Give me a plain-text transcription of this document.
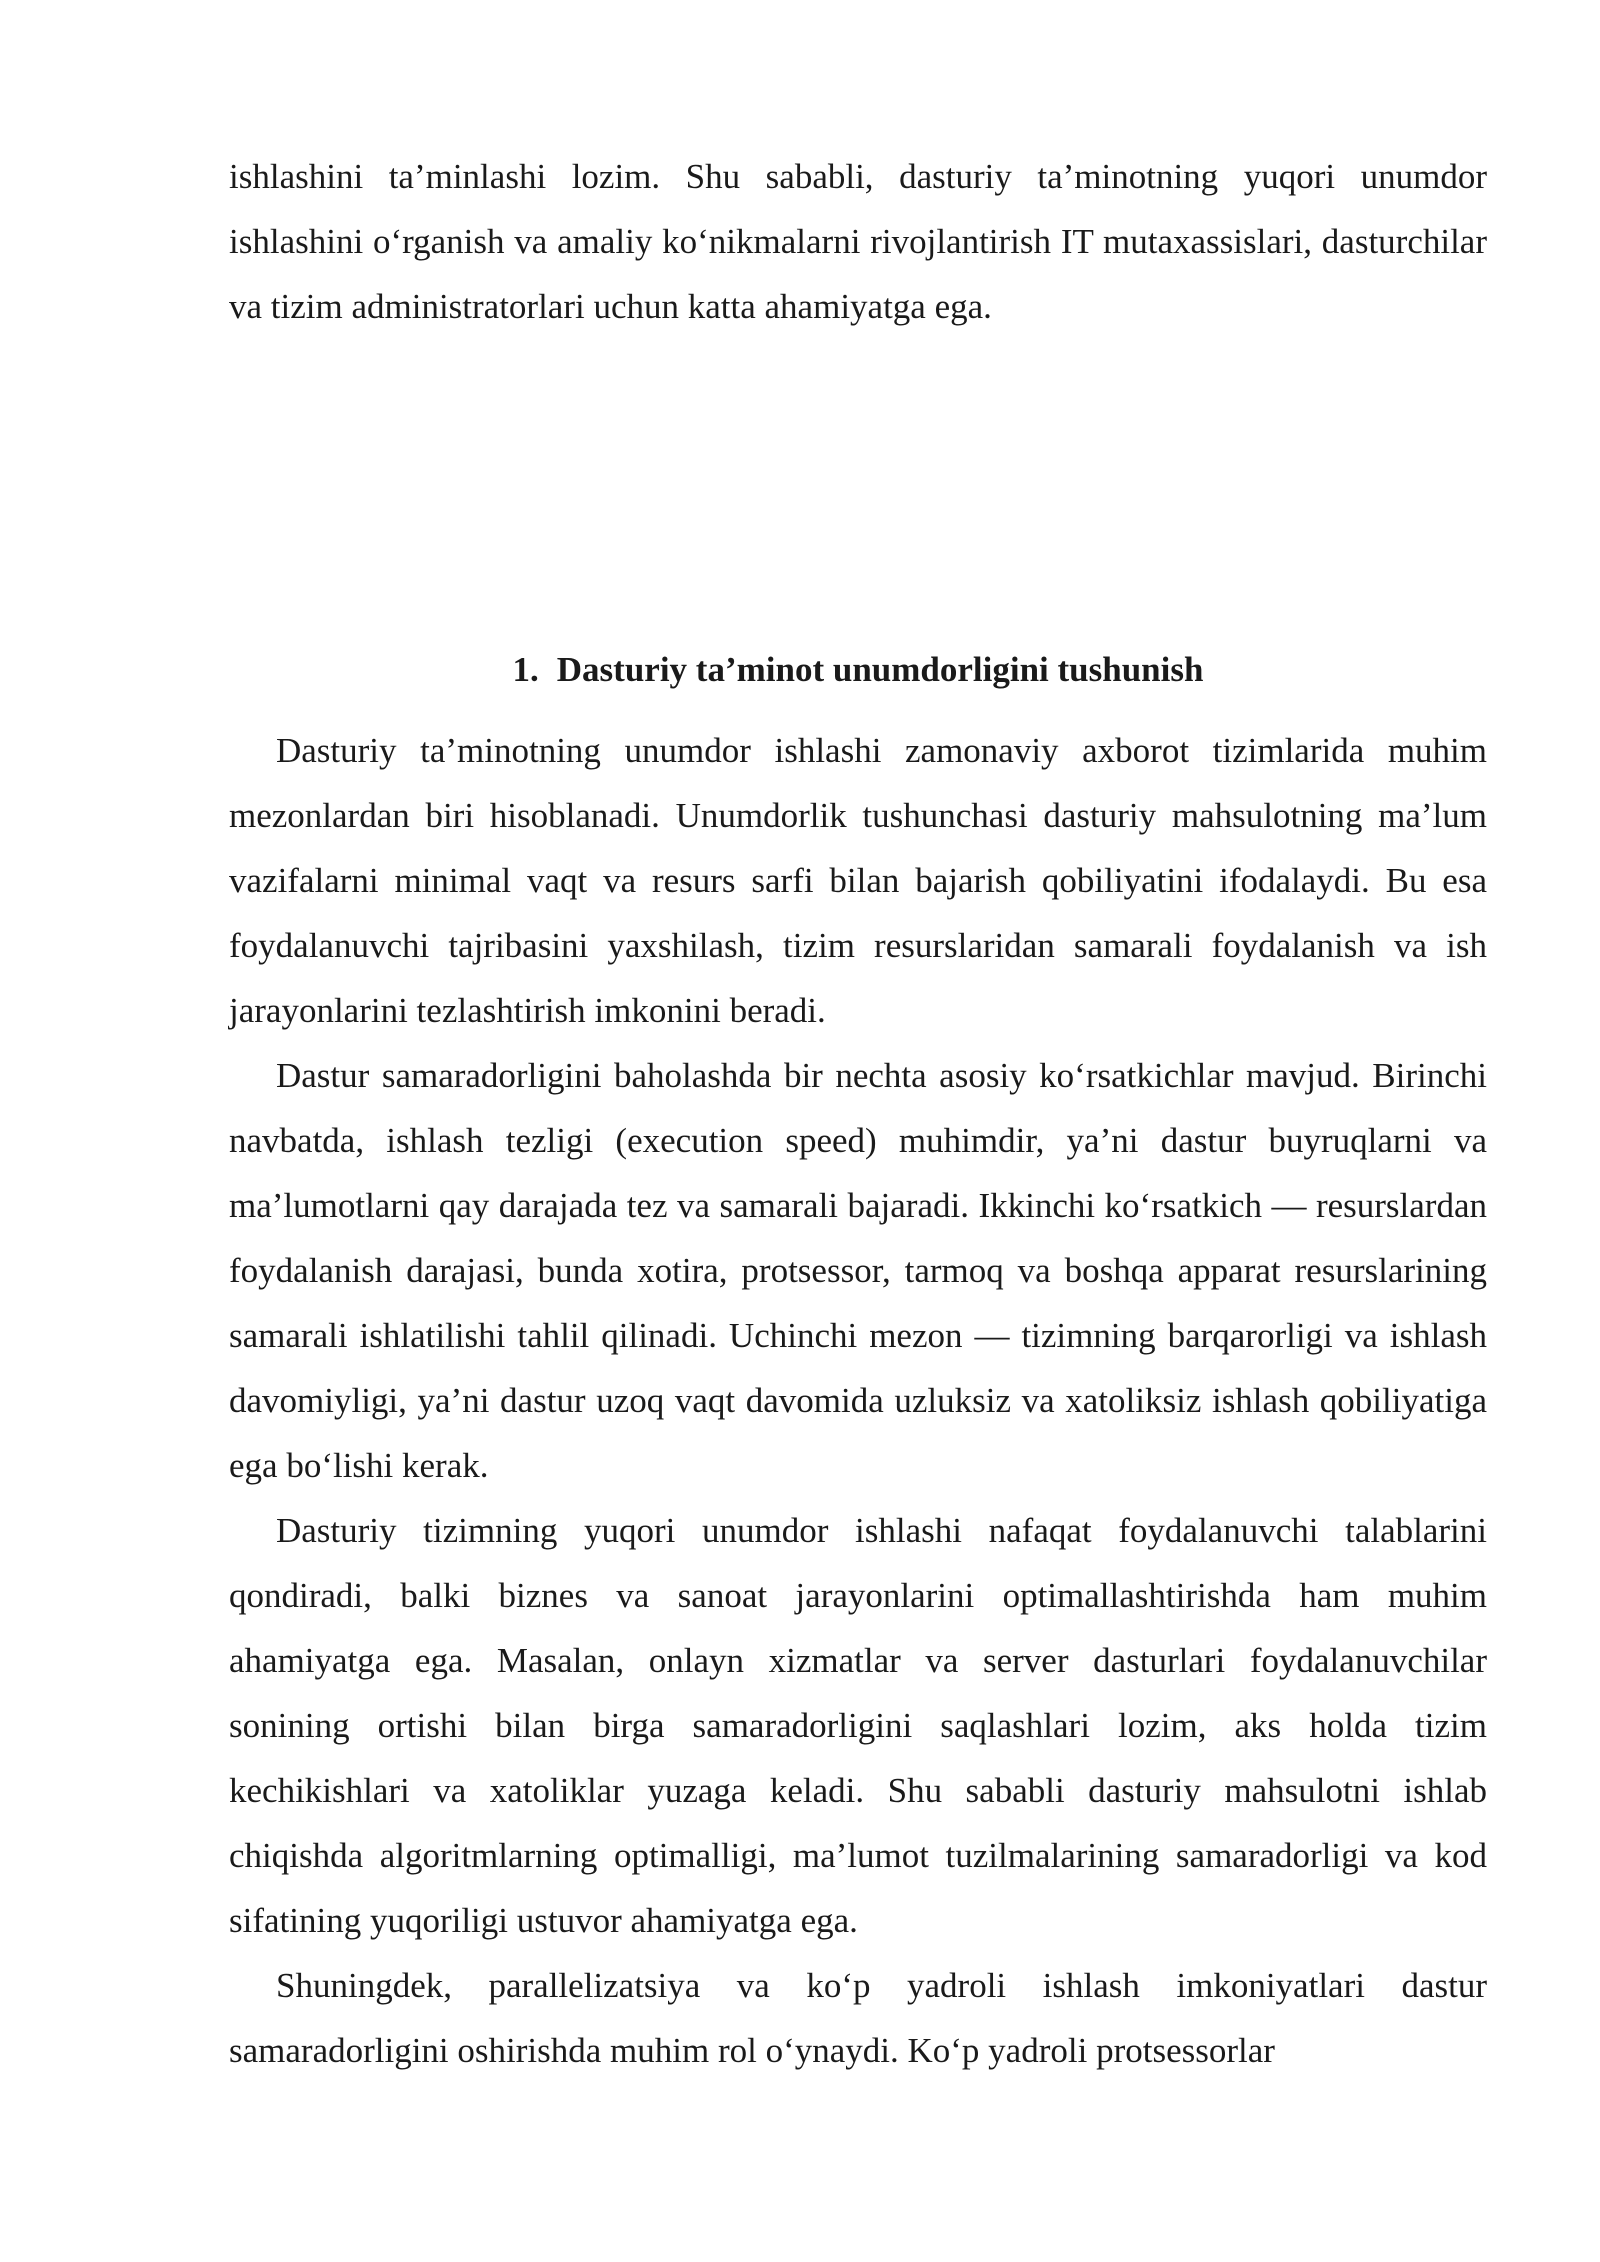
ishlashini ta’minlashi lozim. Shu sababli, dasturiy ta’minotning yuqori unumdor ishlashini o‘rganish va amaliy ko‘nikmalarni rivojlantirish IT mutaxassislari, dasturchilar va tizim administratorlari uchun katta ahamiyatga ega.

1. Dasturiy ta’minot unumdorligini tushunish

Dasturiy ta’minotning unumdor ishlashi zamonaviy axborot tizimlarida muhim mezonlardan biri hisoblanadi. Unumdorlik tushunchasi dasturiy mahsulotning ma’lum vazifalarni minimal vaqt va resurs sarfi bilan bajarish qobiliyatini ifodalaydi. Bu esa foydalanuvchi tajribasini yaxshilash, tizim resurslaridan samarali foydalanish va ish jarayonlarini tezlashtirish imkonini beradi.

Dastur samaradorligini baholashda bir nechta asosiy ko‘rsatkichlar mavjud. Birinchi navbatda, ishlash tezligi (execution speed) muhimdir, ya’ni dastur buyruqlarni va ma’lumotlarni qay darajada tez va samarali bajaradi. Ikkinchi ko‘rsatkich — resurslardan foydalanish darajasi, bunda xotira, protsessor, tarmoq va boshqa apparat resurslarining samarali ishlatilishi tahlil qilinadi. Uchinchi mezon — tizimning barqarorligi va ishlash davomiyligi, ya’ni dastur uzoq vaqt davomida uzluksiz va xatoliksiz ishlash qobiliyatiga ega bo‘lishi kerak.

Dasturiy tizimning yuqori unumdor ishlashi nafaqat foydalanuvchi talablarini qondiradi, balki biznes va sanoat jarayonlarini optimallashtirishda ham muhim ahamiyatga ega. Masalan, onlayn xizmatlar va server dasturlari foydalanuvchilar sonining ortishi bilan birga samaradorligini saqlashlari lozim, aks holda tizim kechikishlari va xatoliklar yuzaga keladi. Shu sababli dasturiy mahsulotni ishlab chiqishda algoritmlarning optimalligi, ma’lumot tuzilmalarining samaradorligi va kod sifatining yuqoriligi ustuvor ahamiyatga ega.

Shuningdek, parallelizatsiya va ko‘p yadroli ishlash imkoniyatlari dastur samaradorligini oshirishda muhim rol o‘ynaydi. Ko‘p yadroli protsessorlar
